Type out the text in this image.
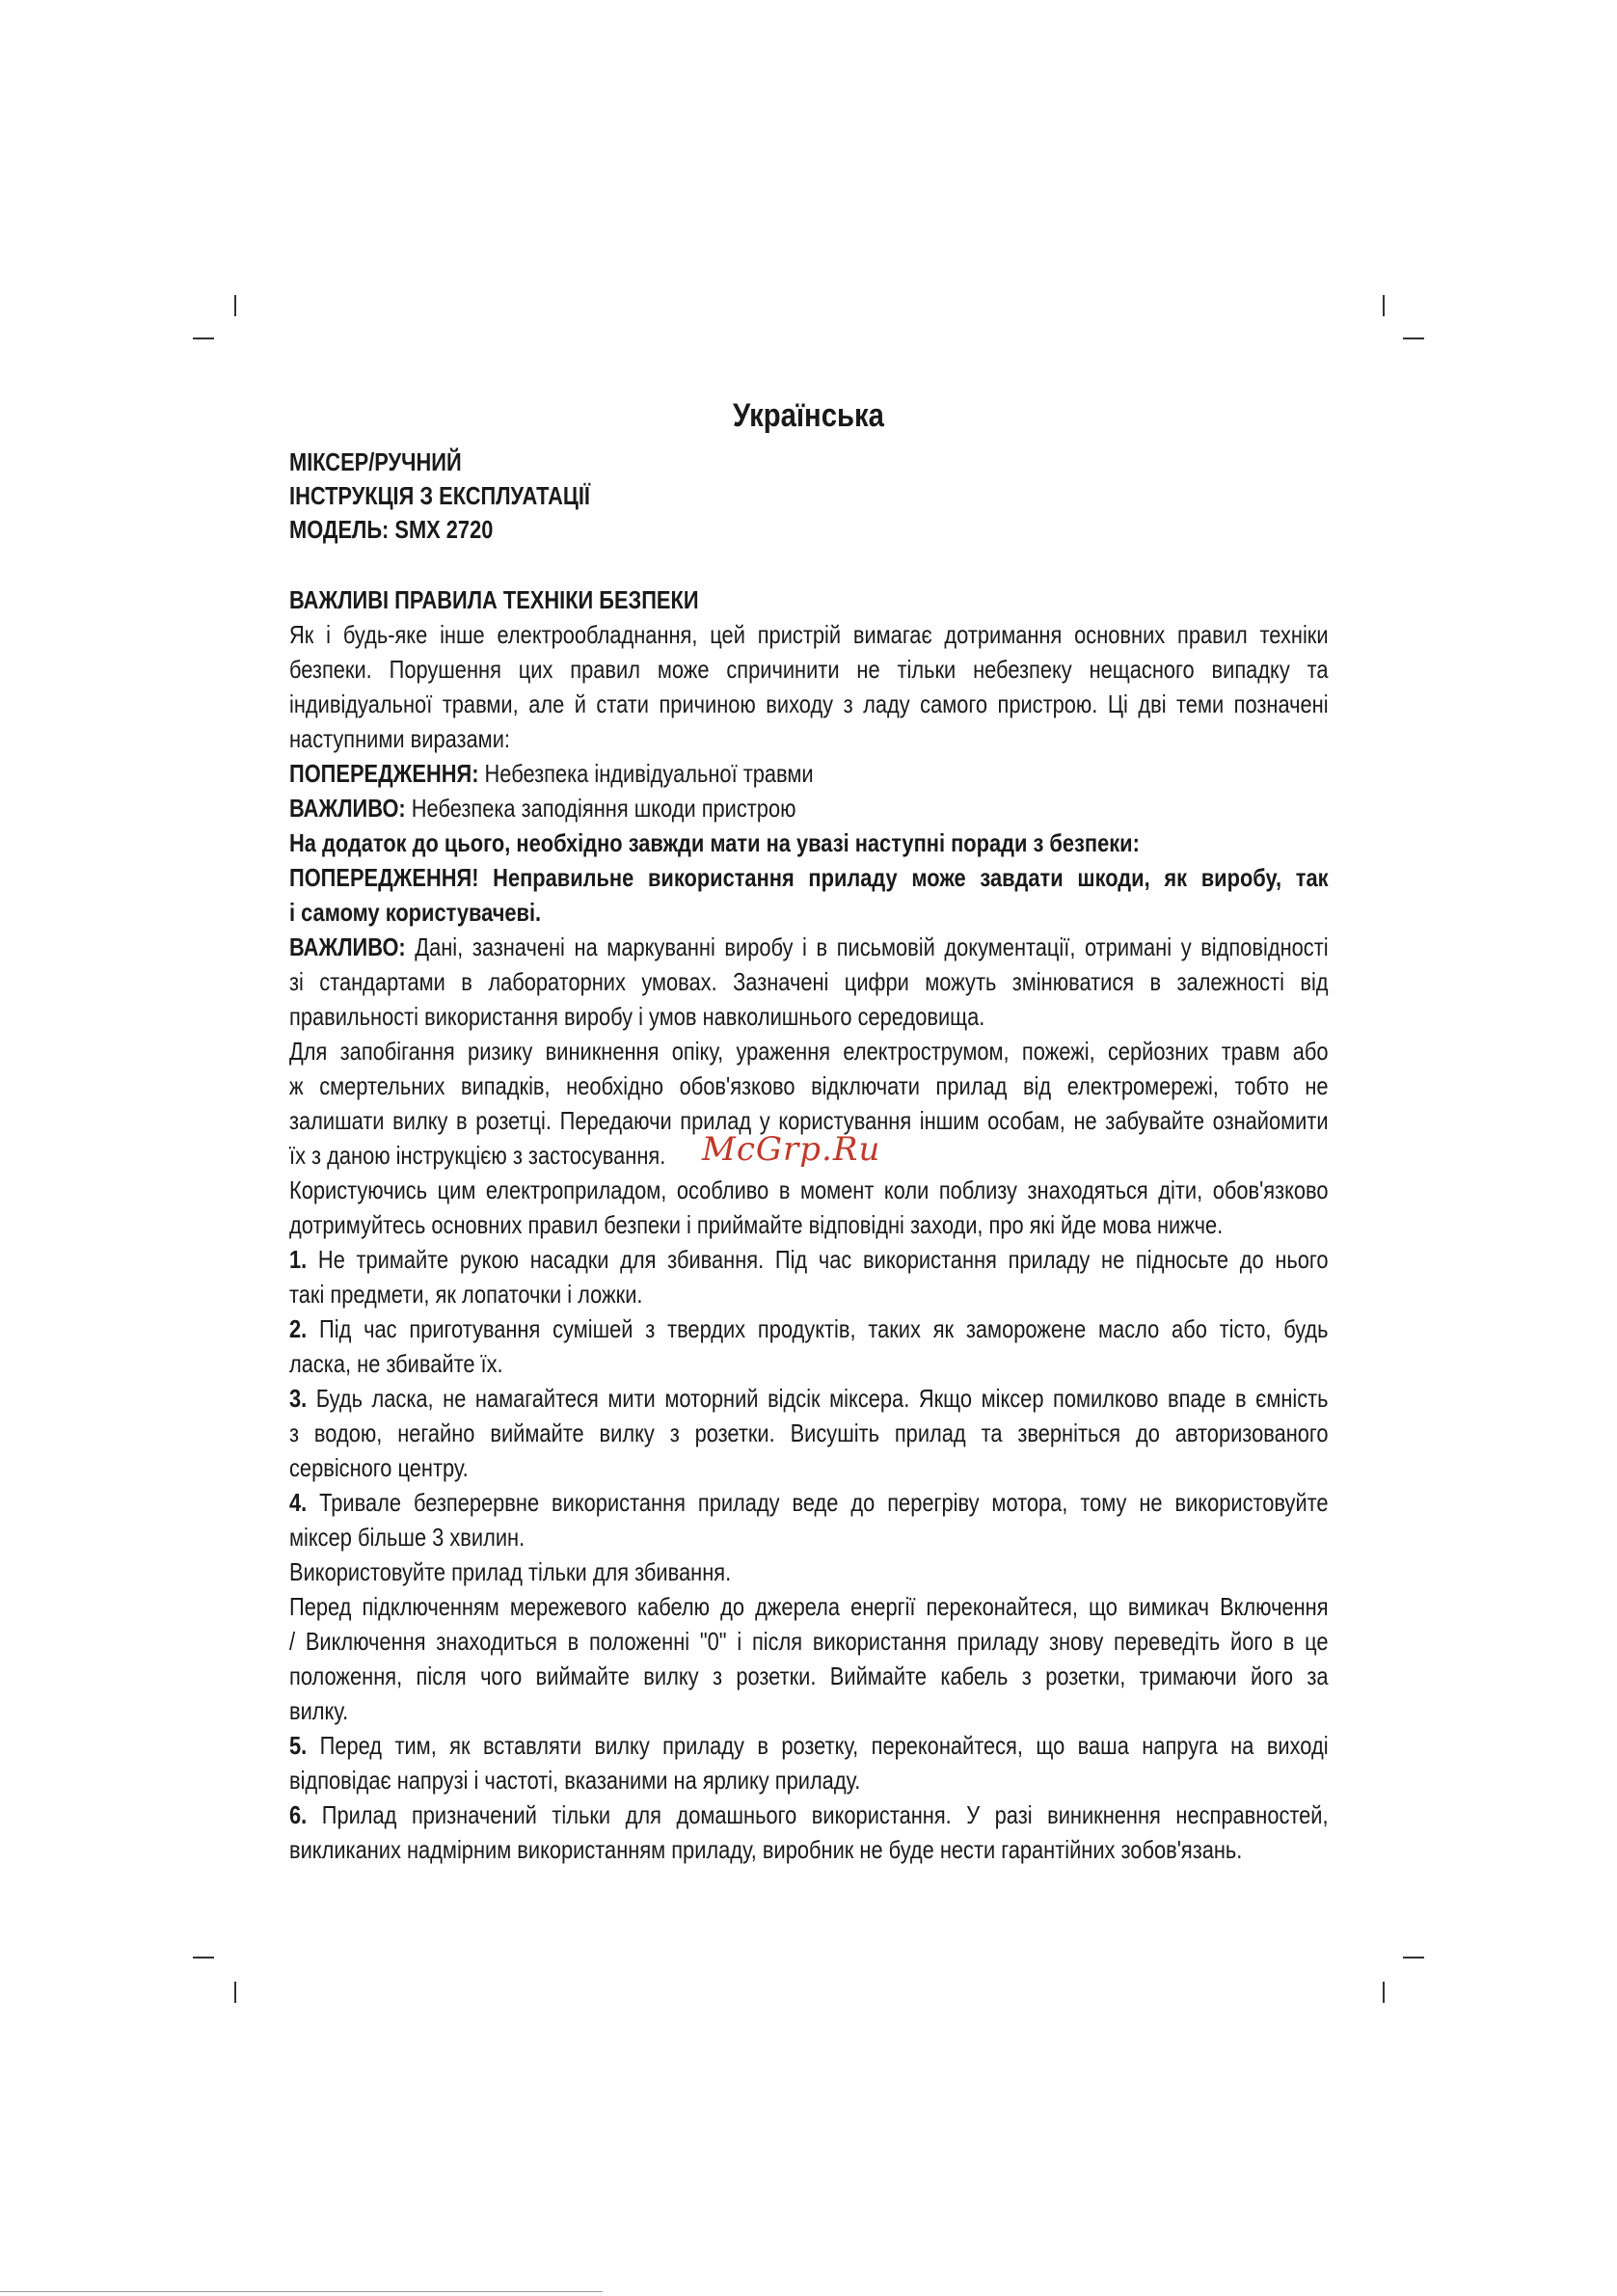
Українська
МІКСЕР/РУЧНИЙ
ІНСТРУКЦІЯ З ЕКСПЛУАТАЦІЇ
МОДЕЛЬ: SMX 2720
ВАЖЛИВІ ПРАВИЛА ТЕХНІКИ БЕЗПЕКИ
Як і будь-яке інше електрообладнання, цей пристрій вимагає дотримання основних правил техніки
безпеки. Порушення цих правил може спричинити не тільки небезпеку нещасного випадку та
індивідуальної травми, але й стати причиною виходу з ладу самого пристрою. Ці дві теми позначені
наступними виразами:
ПОПЕРЕДЖЕННЯ: Небезпека індивідуальної травми
ВАЖЛИВО: Небезпека заподіяння шкоди пристрою
На додаток до цього, необхідно завжди мати на увазі наступні поради з безпеки:
ПОПЕРЕДЖЕННЯ! Неправильне використання приладу може завдати шкоди, як виробу, так
і самому користувачеві.
ВАЖЛИВО: Дані, зазначені на маркуванні виробу і в письмовій документації, отримані у відповідності
зі стандартами в лабораторних умовах. Зазначені цифри можуть змінюватися в залежності від
правильності використання виробу і умов навколишнього середовища.
Для запобігання ризику виникнення опіку, ураження електрострумом, пожежі, серйозних травм або
ж смертельних випадків, необхідно обов'язково відключати прилад від електромережі, тобто не
залишати вилку в розетці. Передаючи прилад у користування іншим особам, не забувайте ознайомити
їх з даною інструкцією з застосування.
Користуючись цим електроприладом, особливо в момент коли поблизу знаходяться діти, обов'язково
дотримуйтесь основних правил безпеки і приймайте відповідні заходи, про які йде мова нижче.
1. Не тримайте рукою насадки для збивання. Під час використання приладу не підносьте до нього
такі предмети, як лопаточки і ложки.
2. Під час приготування сумішей з твердих продуктів, таких як заморожене масло або тісто, будь
ласка, не збивайте їх.
3. Будь ласка, не намагайтеся мити моторний відсік міксера. Якщо міксер помилково впаде в ємність
з водою, негайно виймайте вилку з розетки. Висушіть прилад та зверніться до авторизованого
сервісного центру.
4. Тривале безперервне використання приладу веде до перегріву мотора, тому не використовуйте
міксер більше 3 хвилин.
Використовуйте прилад тільки для збивання.
Перед підключенням мережевого кабелю до джерела енергії переконайтеся, що вимикач Включення
/ Виключення знаходиться в положенні "0" і після використання приладу знову переведіть його в це
положення, після чого виймайте вилку з розетки. Виймайте кабель з розетки, тримаючи його за
вилку.
5. Перед тим, як вставляти вилку приладу в розетку, переконайтеся, що ваша напруга на виході
відповідає напрузі і частоті, вказаними на ярлику приладу.
6. Прилад призначений тільки для домашнього використання. У разі виникнення несправностей,
викликаних надмірним використанням приладу, виробник не буде нести гарантійних зобов'язань.
McGrp.Ru
